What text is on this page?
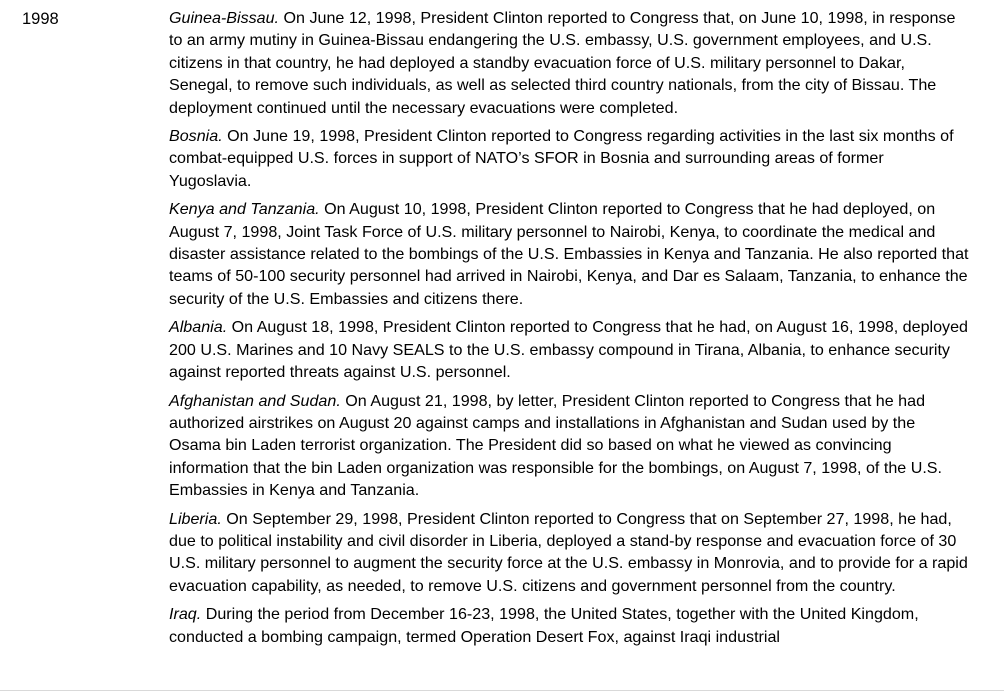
1998	Guinea-Bissau. On June 12, 1998, President Clinton reported to Congress that, on June 10, 1998, in response to an army mutiny in Guinea-Bissau endangering the U.S. embassy, U.S. government employees, and U.S. citizens in that country, he had deployed a standby evacuation force of U.S. military personnel to Dakar, Senegal, to remove such individuals, as well as selected third country nationals, from the city of Bissau. The deployment continued until the necessary evacuations were completed.

Bosnia. On June 19, 1998, President Clinton reported to Congress regarding activities in the last six months of combat-equipped U.S. forces in support of NATO’s SFOR in Bosnia and surrounding areas of former Yugoslavia.

Kenya and Tanzania. On August 10, 1998, President Clinton reported to Congress that he had deployed, on August 7, 1998, Joint Task Force of U.S. military personnel to Nairobi, Kenya, to coordinate the medical and disaster assistance related to the bombings of the U.S. Embassies in Kenya and Tanzania. He also reported that teams of 50-100 security personnel had arrived in Nairobi, Kenya, and Dar es Salaam, Tanzania, to enhance the security of the U.S. Embassies and citizens there.

Albania. On August 18, 1998, President Clinton reported to Congress that he had, on August 16, 1998, deployed 200 U.S. Marines and 10 Navy SEALS to the U.S. embassy compound in Tirana, Albania, to enhance security against reported threats against U.S. personnel.

Afghanistan and Sudan. On August 21, 1998, by letter, President Clinton reported to Congress that he had authorized airstrikes on August 20 against camps and installations in Afghanistan and Sudan used by the Osama bin Laden terrorist organization. The President did so based on what he viewed as convincing information that the bin Laden organization was responsible for the bombings, on August 7, 1998, of the U.S. Embassies in Kenya and Tanzania.

Liberia. On September 29, 1998, President Clinton reported to Congress that on September 27, 1998, he had, due to political instability and civil disorder in Liberia, deployed a stand-by response and evacuation force of 30 U.S. military personnel to augment the security force at the U.S. embassy in Monrovia, and to provide for a rapid evacuation capability, as needed, to remove U.S. citizens and government personnel from the country.

Iraq. During the period from December 16-23, 1998, the United States, together with the United Kingdom, conducted a bombing campaign, termed Operation Desert Fox, against Iraqi industrial
